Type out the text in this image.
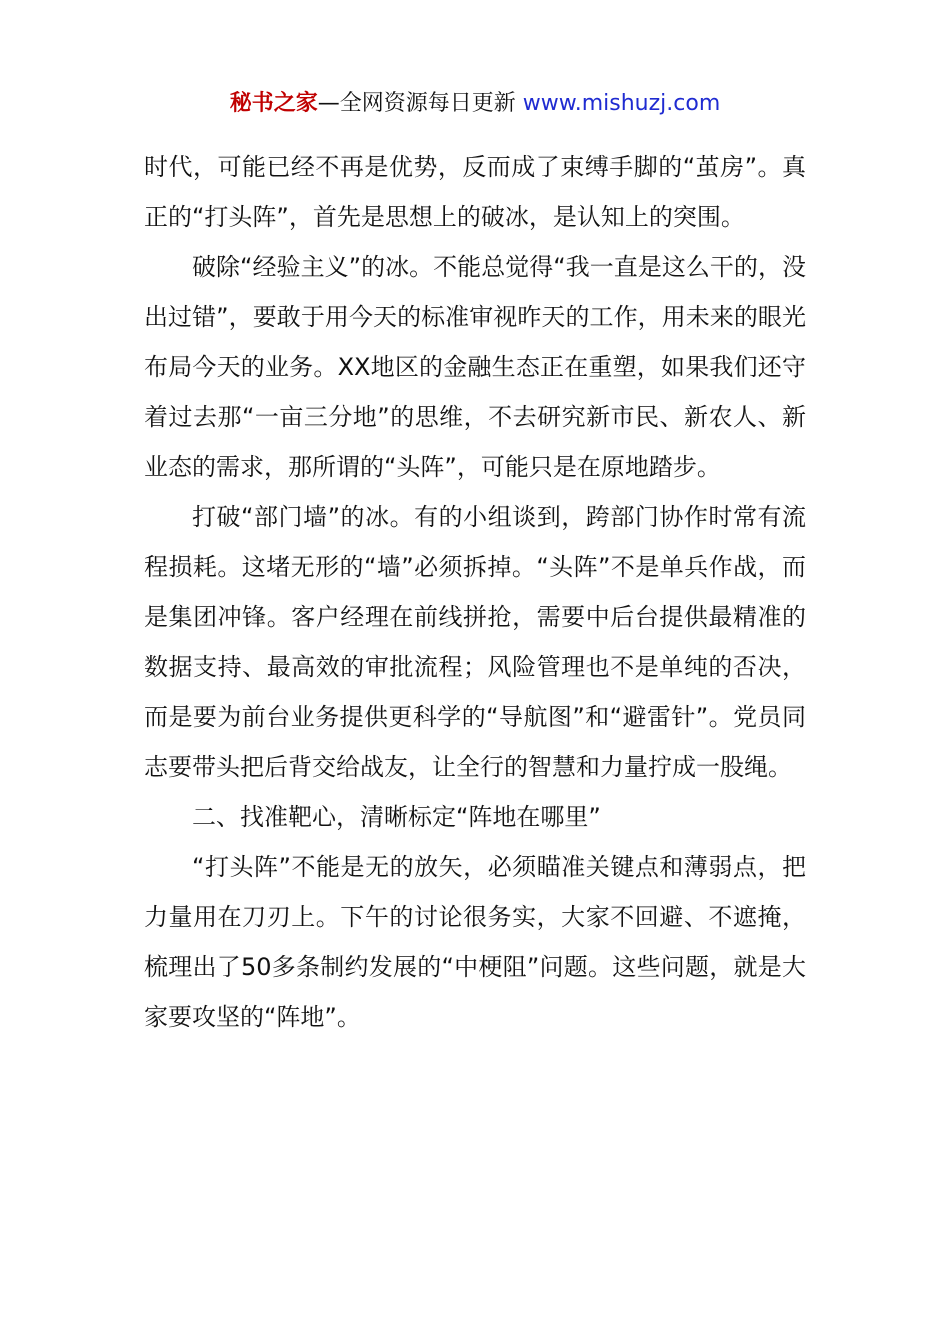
秘书之家—全网资源每日更新 www.mishuzj.com

时代，可能已经不再是优势，反而成了束缚手脚的“茧房”。真正的“打头阵”，首先是思想上的破冰，是认知上的突围。

破除“经验主义”的冰。不能总觉得“我一直是这么干的，没出过错”，要敢于用今天的标准审视昨天的工作，用未来的眼光布局今天的业务。XX地区的金融生态正在重塑，如果我们还守着过去那“一亩三分地”的思维，不去研究新市民、新农人、新业态的需求，那所谓的“头阵”，可能只是在原地踏步。

打破“部门墙”的冰。有的小组谈到，跨部门协作时常有流程损耗。这堵无形的“墙”必须拆掉。“头阵”不是单兵作战，而是集团冲锋。客户经理在前线拼抢，需要中后台提供最精准的数据支持、最高效的审批流程；风险管理也不是单纯的否决，而是要为前台业务提供更科学的“导航图”和“避雷针”。党员同志要带头把后背交给战友，让全行的智慧和力量拧成一股绳。

二、找准靶心，清晰标定“阵地在哪里”

“打头阵”不能是无的放矢，必须瞄准关键点和薄弱点，把力量用在刀刃上。下午的讨论很务实，大家不回避、不遮掩，梳理出了50多条制约发展的“中梗阻”问题。这些问题，就是大家要攻坚的“阵地”。
